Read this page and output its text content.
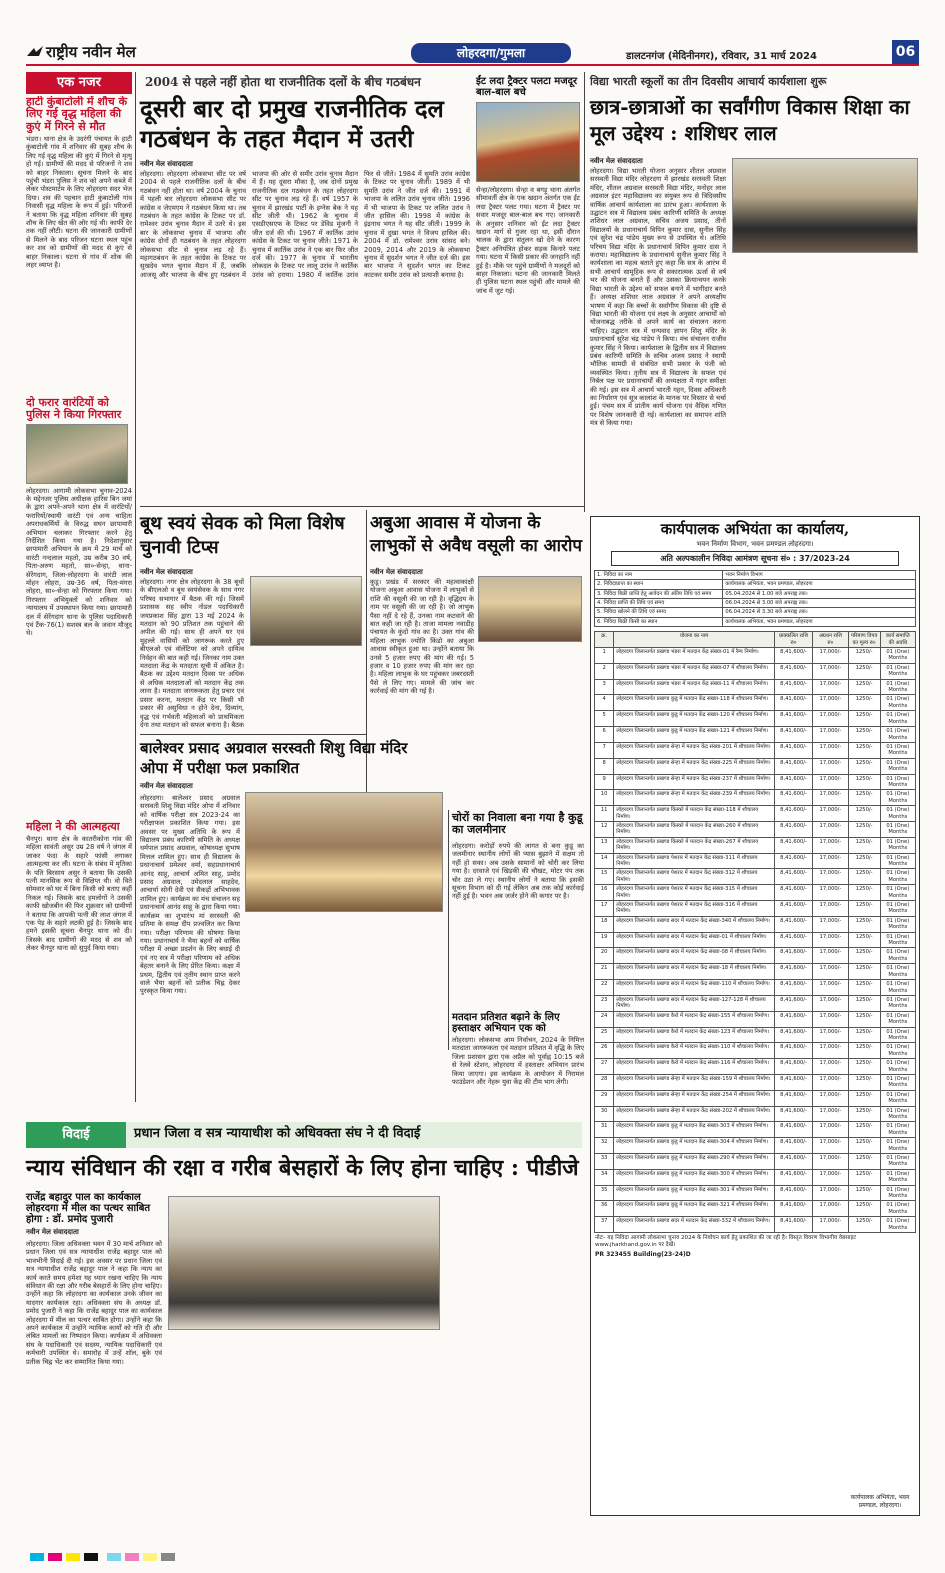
राष्ट्रीय नवीन मेल	लोहरदगा/गुमला	डालटनगंज (मेदिनीनगर), रविवार, 31 मार्च 2024	06
एक नजर
हाटी कुंबाटोली में शौच के लिए गई वृद्ध महिला की कुएं में गिरने से मौत
भंडरा। थाना क्षेत्र के उदरंगी पंचायत के हाटी कुंबाटोली गांव में शनिवार की सुबह शौच के लिए गई वृद्ध महिला की कुएं में गिरने से मृत्यु हो गई। ग्रामीणों की मदद से परिजनों ने शव को बाहर निकाला। सूचना मिलने के बाद पहुंची भंडरा पुलिस ने शव को अपने कब्जे में लेकर पोस्टमार्टम के लिए लोहरदगा सदर भेज दिया। शव की पहचान हाटी कुंबाटोली गांव निवासी वृद्ध महिला के रूप में हुई। परिजनों ने बताया कि वृद्ध महिला शनिवार की सुबह शौच के लिए खेत की ओर गई थी। काफी देर तक नहीं लौटी। घटना की जानकारी ग्रामीणों से मिलने के बाद परिजन घटना स्थल पहुंच कर शव को ग्रामीणों की मदद से कुएं से बाहर निकाला। घटना से गांव में शोक की लहर व्याप्त है।
दो फरार वारंटियों को पुलिस ने किया गिरफ्तार
लोहरदगा। आगामी लोकसभा चुनाव-2024 के मद्देनजर पुलिस अधीक्षक हारिस बिन जमां के द्वारा अपने-अपने थाना क्षेत्र में वारंटियों/फरारियों/स्थायी वारंटी एवं अन्य चाहिता अपराधकर्मियों के विरुद्ध सघन छापामारी अभियान चलाकर गिरफ्तार करने हेतु निर्देशित किया गया है। निदेशानुसार छापामारी अभियान के क्रम में 29 मार्च को वारंटी नन्दलाल महतो, उम्र करीब 30 वर्ष, पिता-अरुण महतो, सा०-सेन्हा, थाना-सेरेंगदाग, जिला-लोहरदगा के वारंटी लाल मोहन लोहरा, उम्र-36 वर्ष, पिता-मंगरा लोहरा, सा०-सेन्हा को गिरफ्तार किया गया। गिरफ्तार अभियुक्तों को शनिवार को न्यायालय में उपस्थापन किया गया। छापामारी दल में सेरेंगदाग थाना के पुलिस पदाधिकारी एवं टैंक-76(1) सशस्त्र बल के जवान मौजूद थे।
महिला ने की आत्महत्या
चैनपुर। थाना क्षेत्र के कातरीकोना गांव की महिला सावंती असुर उम्र 28 वर्ष ने जंगल में जाकर फंदा के सहारे फांसी लगाकर आत्महत्या कर ली। घटना के संबंध में मृतिका के पति बिरसाय असुर ने बताया कि उसकी पत्नी मानसिक रूप से विक्षिप्त थी। वो विते सोमवार को घर में बिना किसी को बताए कहीं निकल गई। जिसके बाद हमलोगों ने उसकी काफी खोजबीन की फिर शुक्रवार को ग्रामीणों ने बताया कि आपकी पत्नी की लाश जंगल में एक पेड़ के सहारे लटकी हुई है। जिसके बाद हमने इसकी सूचना चैनपुर थाना को दी। जिसके बाद ग्रामीणों की मदद से शव को लेकर चैनपुर थाना को सुपुर्द किया गया।
2004 से पहले नहीं होता था राजनीतिक दलों के बीच गठबंधन
दूसरी बार दो प्रमुख राजनीतिक दल गठबंधन के तहत मैदान में उतरी
नवीन मेल संवाददाता
लोहरदगा। लोहरदगा लोकसभा सीट पर वर्ष 2004 से पहले राजनीतिक दलों के बीच गठबंधन नहीं होता था। वर्ष 2004 के चुनाव में पहली बार लोहरदगा लोकसभा सीट पर कांग्रेस व जेएमएम ने गठबंधन किया था। तब गठबंधन के तहत कांग्रेस के टिकट पर डॉ. रामेश्वर उरांव चुनाव मैदान में उतरे थे। इस बार के लोकसभा चुनाव में भाजपा और कांग्रेस दोनों ही गठबंधन के तहत लोहरदगा लोकसभा सीट से चुनाव लड़ रहे हैं। महागठबंधन के तहत कांग्रेस के टिकट पर सुखदेव भगत चुनाव मैदान में हैं, जबकि आजसू और भाजपा के बीच हुए गठबंधन में भाजपा की ओर से समीर उरांव चुनाव मैदान में हैं। यह दूसरा मौका है, जब दोनों प्रमुख राजनीतिक दल गठबंधन के तहत लोहरदगा सीट पर चुनाव लड़ रहे हैं। वर्ष 1957 के चुनाव में झारखंड पार्टी के इग्नेस बेक ने यह सीट जीती थी। 1962 के चुनाव में एसडीएसएफ के टिकट पर डेविड मुंजनी ने जीत दर्ज की थी। 1967 में कार्तिक उरांव कांग्रेस के टिकट पर चुनाव जीते। 1971 के चुनाव में कार्तिक उरांव ने एक बार फिर जीत दर्ज की। 1977 के चुनाव में भारतीय लोकदल के टिकट पर लालू उरांव ने कार्तिक उरांव को हराया। 1980 में कार्तिक उरांव फिर से जीते। 1984 में सुमति उरांव कांग्रेस के टिकट पर चुनाव जीतीं। 1989 में भी सुमति उरांव ने जीत दर्ज की। 1991 में भाजपा के ललित उरांव चुनाव जीते। 1996 में भी भाजपा के टिकट पर ललित उरांव ने जीत हासिल की। 1998 में कांग्रेस के इंद्रनाथ भगत ने यह सीट जीती। 1999 के चुनाव में दुखा भगत ने विजय हासिल की। 2004 में डॉ. रामेश्वर उरांव सांसद बने। 2009, 2014 और 2019 के लोकसभा चुनाव में सुदर्शन भगत ने जीत दर्ज की। इस बार भाजपा ने सुदर्शन भगत का टिकट काटकर समीर उरांव को प्रत्याशी बनाया है।
ईंट लदा ट्रैक्टर पलटा मजदूर बाल-बाल बचे
सेन्हा/लोहरदगा। सेन्हा व बगड़ू थाना अंतर्गत सीमावर्ती क्षेत्र के एक खदान अंतर्गत एक ईंट लदा ट्रैक्टर पलट गया। घटना में ट्रैक्टर पर सवार मजदूर बाल-बाल बच गए। जानकारी के अनुसार शनिवार को ईंट लदा ट्रैक्टर खदान मार्ग से गुजर रहा था, इसी दौरान चालक के द्वारा संतुलन खो देने के कारण ट्रैक्टर अनियंत्रित होकर सड़क किनारे पलट गया। घटना में किसी प्रकार की जनहानि नहीं हुई है। मौके पर पहुंचे ग्रामीणों ने मजदूरों को बाहर निकाला। घटना की जानकारी मिलते ही पुलिस घटना स्थल पहुंची और मामले की जांच में जुट गई।
विद्या भारती स्कूलों का तीन दिवसीय आचार्य कार्यशाला शुरू
छात्र-छात्राओं का सर्वांगीण विकास शिक्षा का मूल उद्देश्य : शशिधर लाल
नवीन मेल संवाददाता
लोहरदगा। विद्या भारती योजना अनुसार शीतल अग्रवाल सरस्वती विद्या मंदिर लोहरदगा में झारखंड सरस्वती शिक्षा मंदिर, शीतल अग्रवाल सरस्वती विद्या मंदिर, मनोहर लाल अग्रवाल इंटर महाविद्यालय का संयुक्त रूप से त्रिदिवसीय वार्षिक आचार्य कार्यशाला का प्रारंभ हुआ। कार्यशाला के उद्घाटन सत्र में विद्यालय प्रबंध कारिणी समिति के अध्यक्ष शशिधर लाल अग्रवाल, सचिव अजय प्रसाद, तीनों विद्यालयों के प्रधानाचार्य विपिन कुमार दास, सुनील सिंह एवं सुरेश चंद्र पांडेय मुख्य रूप से उपस्थित थे। अतिथि परिचय विद्या मंदिर के प्रधानाचार्य विपिन कुमार दास ने कराया। महाविद्यालय के प्रधानाचार्य सुनील कुमार सिंह ने कार्यशाला का महत्व बताते हुए कहा कि सत्र के आरंभ में सभी आचार्य सामूहिक रूप से सकारात्मक ऊर्जा से वर्ष भर की योजना बनाते हैं और उसका क्रियान्वयन करके विद्या भारती के उद्देश्य को सफल बनाने में भागीदार बनते हैं। अध्यक्ष शशिधर लाल अग्रवाल ने अपने अध्यक्षीय भाषण में कहा कि बच्चों के सर्वांगीण विकास की दृष्टि से विद्या भारती की योजना एवं लक्ष्य के अनुसार आचार्यों को योजनाबद्ध तरीके से अपने कार्य का संचालन करना चाहिए। उद्घाटन सत्र में धन्यवाद ज्ञापन शिशु मंदिर के प्रधानाचार्य सुरेश चंद्र पांडेय ने किया। मंच संचालन राजीव कुमार सिंह ने किया। कार्यशाला के द्वितीय सत्र में विद्यालय प्रबंध कारिणी समिति के सचिव अजय प्रसाद ने स्थायी भौतिक सामग्री से संबंधित सभी प्रकार के पंजी को व्यवस्थित किया। तृतीय सत्र में विद्यालय के सफल एवं निर्बल पक्ष पर प्रधानाचार्यों की अध्यक्षता में गहन समीक्षा की गई। इस सत्र में आचार्य भारती गहन, दिवस अधिकारी का निर्धारण एवं सूत्र कालांश के मानक पर विस्तार से चर्चा हुई। पंचम सत्र में प्रांतीय कार्य योजना एवं वैदिक गणित पर विशेष जानकारी दी गई। कार्यशाला का समापन शांति मंत्र से किया गया।
कार्यपालक अभियंता का कार्यालय,
भवन निर्माण विभाग, भवन प्रमण्डल लोहरदगा।
अति अल्पकालीन निविदा आमंत्रण सूचना सं० : 37/2023-24
1. निविदा का नाम	भवन निर्माण विभाग
2. निविदाप्राप्त का स्थान	कार्यपालक अभियंता, भवन प्रमण्डल, लोहरदगा
3. निविदा बिक्री प्राप्ति हेतु आवेदन की अंतिम तिथि एवं समय	05.04.2024 से 1.00 बजे अपराह्न तक।
4. निविदा प्राप्ति की तिथि एवं समय	06.04.2024 से 3.00 बजे अपराह्न तक।
5. निविदा खोलने की तिथि एवं समय	06.04.2024 से 3.30 बजे अपराह्न तक।
6. निविदा बिक्री किसी का स्थान	कार्यपालक अभियंता, भवन प्रमण्डल, लोहरदगा
क्र.	योजना का नाम	प्राक्कलित राशि रु०	अग्रधन राशि रु०	परिमाण विपत्र का मूल्य रु०	कार्य समाप्ति की अवधि
1	लोहरदगा जिलान्तर्गत प्रखण्ड भंडरा में मतदान केंद्र संख्या-01 में रैम्प निर्माण।	8,41,600/-	17,000/-	1250/-	01 (One) Months
2	लोहरदगा जिलान्तर्गत प्रखण्ड भंडरा में मतदान केंद्र संख्या-07 में शौचालय निर्माण।	8,41,600/-	17,000/-	1250/-	01 (One) Months
3	लोहरदगा जिलान्तर्गत प्रखण्ड भंडरा में मतदान केंद्र संख्या-11 में शौचालय निर्माण।	8,41,600/-	17,000/-	1250/-	01 (One) Months
4	लोहरदगा जिलान्तर्गत प्रखण्ड कुडू में मतदान केंद्र संख्या-118 में शौचालय निर्माण।	8,41,600/-	17,000/-	1250/-	01 (One) Months
5	लोहरदगा जिलान्तर्गत प्रखण्ड कुडू में मतदान केंद्र संख्या-120 में शौचालय निर्माण।	8,41,600/-	17,000/-	1250/-	01 (One) Months
6	लोहरदगा जिलान्तर्गत प्रखण्ड कुडू में मतदान केंद्र संख्या-121 में शौचालय निर्माण।	8,41,600/-	17,000/-	1250/-	01 (One) Months
7	लोहरदगा जिलान्तर्गत प्रखण्ड सेन्हा में मतदान केंद्र संख्या-201 में शौचालय निर्माण।	8,41,600/-	17,000/-	1250/-	01 (One) Months
8	लोहरदगा जिलान्तर्गत प्रखण्ड सेन्हा में मतदान केंद्र संख्या-225 में शौचालय निर्माण।	8,41,600/-	17,000/-	1250/-	01 (One) Months
9	लोहरदगा जिलान्तर्गत प्रखण्ड सेन्हा में मतदान केंद्र संख्या-237 में शौचालय निर्माण।	8,41,600/-	17,000/-	1250/-	01 (One) Months
10	लोहरदगा जिलान्तर्गत प्रखण्ड सेन्हा में मतदान केंद्र संख्या-239 में शौचालय निर्माण।	8,41,600/-	17,000/-	1250/-	01 (One) Months
11	लोहरदगा जिलान्तर्गत प्रखण्ड किस्को में मतदान केंद्र संख्या-118 में शौचालय निर्माण।	8,41,600/-	17,000/-	1250/-	01 (One) Months
12	लोहरदगा जिलान्तर्गत प्रखण्ड किस्को में मतदान केंद्र संख्या-260 में शौचालय निर्माण।	8,41,600/-	17,000/-	1250/-	01 (One) Months
13	लोहरदगा जिलान्तर्गत प्रखण्ड किस्को में मतदान केंद्र संख्या-267 में शौचालय निर्माण।	8,41,600/-	17,000/-	1250/-	01 (One) Months
14	लोहरदगा जिलान्तर्गत प्रखण्ड पेशरार में मतदान केंद्र संख्या-311 में शौचालय निर्माण।	8,41,600/-	17,000/-	1250/-	01 (One) Months
15	लोहरदगा जिलान्तर्गत प्रखण्ड पेशरार में मतदान केंद्र संख्या-312 में शौचालय निर्माण।	8,41,600/-	17,000/-	1250/-	01 (One) Months
16	लोहरदगा जिलान्तर्गत प्रखण्ड पेशरार में मतदान केंद्र संख्या-315 में शौचालय निर्माण।	8,41,600/-	17,000/-	1250/-	01 (One) Months
17	लोहरदगा जिलान्तर्गत प्रखण्ड पेशरार में मतदान केंद्र संख्या-316 में शौचालय निर्माण।	8,41,600/-	17,000/-	1250/-	01 (One) Months
18	लोहरदगा जिलान्तर्गत प्रखण्ड सदर में मतदान केंद्र संख्या-340 में शौचालय निर्माण।	8,41,600/-	17,000/-	1250/-	01 (One) Months
19	लोहरदगा जिलान्तर्गत प्रखण्ड सदर में मतदान केंद्र संख्या-01 में शौचालय निर्माण।	8,41,600/-	17,000/-	1250/-	01 (One) Months
20	लोहरदगा जिलान्तर्गत प्रखण्ड सदर में मतदान केंद्र संख्या-08 में शौचालय निर्माण।	8,41,600/-	17,000/-	1250/-	01 (One) Months
21	लोहरदगा जिलान्तर्गत प्रखण्ड सदर में मतदान केंद्र संख्या-18 में शौचालय निर्माण।	8,41,600/-	17,000/-	1250/-	01 (One) Months
22	लोहरदगा जिलान्तर्गत प्रखण्ड सदर में मतदान केंद्र संख्या-110 में शौचालय निर्माण।	8,41,600/-	17,000/-	1250/-	01 (One) Months
23	लोहरदगा जिलान्तर्गत प्रखण्ड सदर में मतदान केंद्र संख्या-127-128 में शौचालय निर्माण।	8,41,600/-	17,000/-	1250/-	01 (One) Months
24	लोहरदगा जिलान्तर्गत प्रखण्ड कैरो में मतदान केंद्र संख्या-155 में शौचालय निर्माण।	8,41,600/-	17,000/-	1250/-	01 (One) Months
25	लोहरदगा जिलान्तर्गत प्रखण्ड कैरो में मतदान केंद्र संख्या-123 में शौचालय निर्माण।	8,41,600/-	17,000/-	1250/-	01 (One) Months
26	लोहरदगा जिलान्तर्गत प्रखण्ड कैरो में मतदान केंद्र संख्या-110 में शौचालय निर्माण।	8,41,600/-	17,000/-	1250/-	01 (One) Months
27	लोहरदगा जिलान्तर्गत प्रखण्ड कैरो में मतदान केंद्र संख्या-116 में शौचालय निर्माण।	8,41,600/-	17,000/-	1250/-	01 (One) Months
28	लोहरदगा जिलान्तर्गत प्रखण्ड सेन्हा में मतदान केंद्र संख्या-159 में शौचालय निर्माण।	8,41,600/-	17,000/-	1250/-	01 (One) Months
29	लोहरदगा जिलान्तर्गत प्रखण्ड सेन्हा में मतदान केंद्र संख्या-254 में शौचालय निर्माण।	8,41,600/-	17,000/-	1250/-	01 (One) Months
30	लोहरदगा जिलान्तर्गत प्रखण्ड सेन्हा में मतदान केंद्र संख्या-202 में शौचालय निर्माण।	8,41,600/-	17,000/-	1250/-	01 (One) Months
31	लोहरदगा जिलान्तर्गत प्रखण्ड कुडू में मतदान केंद्र संख्या-303 में शौचालय निर्माण।	8,41,600/-	17,000/-	1250/-	01 (One) Months
32	लोहरदगा जिलान्तर्गत प्रखण्ड कुडू में मतदान केंद्र संख्या-304 में शौचालय निर्माण।	8,41,600/-	17,000/-	1250/-	01 (One) Months
33	लोहरदगा जिलान्तर्गत प्रखण्ड कुडू में मतदान केंद्र संख्या-290 में शौचालय निर्माण।	8,41,600/-	17,000/-	1250/-	01 (One) Months
34	लोहरदगा जिलान्तर्गत प्रखण्ड कुडू में मतदान केंद्र संख्या-300 में शौचालय निर्माण।	8,41,600/-	17,000/-	1250/-	01 (One) Months
35	लोहरदगा जिलान्तर्गत प्रखण्ड कुडू में मतदान केंद्र संख्या-301 में शौचालय निर्माण।	8,41,600/-	17,000/-	1250/-	01 (One) Months
36	लोहरदगा जिलान्तर्गत प्रखण्ड कुडू में मतदान केंद्र संख्या-321 में शौचालय निर्माण।	8,41,600/-	17,000/-	1250/-	01 (One) Months
37	लोहरदगा जिलान्तर्गत प्रखण्ड सदर में मतदान केंद्र संख्या-332 में शौचालय निर्माण।	8,41,600/-	17,000/-	1250/-	01 (One) Months
नोटः- यह निविदा आगामी लोकसभा चुनाव 2024 के निर्वाचन कार्य हेतु प्रकाशित की जा रही है। विस्तृत विवरण विभागीय वेबसाइट www.jharkhand.gov.in पर देखें।
PR 323455 Building(23-24)D
कार्यपालक अभियंता, भवन प्रमण्डल, लोहरदगा।
बूथ स्वयं सेवक को मिला विशेष चुनावी टिप्स
नवीन मेल संवाददाता
लोहरदगा। नगर क्षेत्र लोहरदगा के 38 बूथों के बीएलओ व बूथ स्वयंसेवक के साथ नगर परिषद सभागार में बैठक की गई। जिसमें प्रशासक सह स्वीप नोडल पदाधिकारी जयप्रकाश सिंह द्वारा 13 मई 2024 के मतदान को 90 प्रतिशत तक पहुंचाने की अपील की गई। साथ ही अपने घर एवं मुहल्ले वासियों को जागरूक करते हुए बीएलओ एवं वॉलेंटियर को अपने दायित्व निर्वहन की बात कही गई। जिनका नाम उक्त मतदाता केंद्र के मतदाता सूची में अंकित है। बैठक का उद्देश्य मतदान दिवस पर अधिक से अधिक मतदाताओं को मतदान केंद्र तक लाना है। मतदाता जागरूकता हेतु प्रचार एवं प्रसार करना, मतदान केंद्र पर किसी भी प्रकार की असुविधा न होने देना, दिव्यांग, वृद्ध एवं गर्भवती महिलाओं को प्राथमिकता देना तथा मतदान को सफल बनाना है। बैठक
अबुआ आवास में योजना के लाभुकों से अवैध वसूली का आरोप
नवीन मेल संवाददाता
कुडू। प्रखंड में सरकार की महत्वाकांक्षी योजना अबुआ आवास योजना में लाभुकों से राशि की वसूली की जा रही है। वृद्धिदय के नाम पर वसूली की जा रही है। जो लाभुक पैसा नहीं दे रहे हैं, उनका नाम कटवाने की बात कही जा रही है। ताजा मामला नवाडीह पंचायत के कुंदो गांव का है। उक्त गांव की महिला लाभुक ज्योति किंडो का अबुआ आवास स्वीकृत हुआ था। उन्होंने बताया कि उनसे 5 हजार रुपए की मांग की गई। 5 हजार व 10 हजार रुपए की मांग कर रहा है। महिला लाभुक के घर पहुंचकर जबरदस्ती पैसे ले लिए गए। मामले की जांच कर कार्रवाई की मांग की गई है।
बालेश्वर प्रसाद अग्रवाल सरस्वती शिशु विद्या मंदिर ओपा में परीक्षा फल प्रकाशित
नवीन मेल संवाददाता
लोहरदगा। बालेश्वर प्रसाद अग्रवाल सरस्वती शिशु विद्या मंदिर ओपा में शनिवार को वार्षिक परीक्षा सत्र 2023-24 का परीक्षाफल प्रकाशित किया गया। इस अवसर पर मुख्य अतिथि के रूप में विद्यालय प्रबंध कारिणी समिति के अध्यक्ष धर्मपाल प्रसाद अग्रवाल, कोषाध्यक्ष सुभाष मित्तल शामिल हुए। साथ ही विद्यालय के प्रधानाचार्य प्रमेश्वर वर्मा, सहप्रधानाचार्य आनंद साहू, आचार्य अमित साहू, प्रमोद प्रसाद अग्रवाल, उमेदलाल साहदेव, आचार्या सोनी देवी एवं सैकड़ों अभिभावक शामिल हुए। कार्यक्रम का मंच संचालन सह प्रधानाचार्य आनंद साहू के द्वारा किया गया। कार्यक्रम का शुभारंभ मां सरस्वती की प्रतिमा के समक्ष दीप प्रज्वलित कर किया गया। परीक्षा परिणाम की घोषणा किया गया। प्रधानाचार्य ने भैया बहनों को वार्षिक परीक्षा में अच्छा प्रदर्शन के लिए बधाई दी एवं नए सत्र में परीक्षा परिणाम को अधिक बेहतर बनाने के लिए प्रेरित किया। कक्षा में प्रथम, द्वितीय एवं तृतीय स्थान प्राप्त करने वाले भैया बहनों को प्रतीक चिह्न देकर पुरस्कृत किया गया।
चोरों का निवाला बना गया है कुडू का जलमीनार
लोहरदगा। करोड़ों रुपये की लागत से बना कुडू का जलमीनार स्थानीय लोगों की प्यास बुझाने में सक्षम तो नहीं हो सका। अब उसके सामानों को चोरी कर लिया गया है। दरवाजे एवं खिड़की की चौखट, मोटर पंप तक चोर उठा ले गए। स्थानीय लोगों ने बताया कि इसकी सूचना विभाग को दी गई लेकिन अब तक कोई कार्रवाई नहीं हुई है। भवन अब जर्जर होने की कगार पर है।
मतदान प्रतिशत बढ़ाने के लिए हस्ताक्षर अभियान एक को
लोहरदगा। लोकसभा आम निर्वाचन, 2024 के निमित्त मतदाता जागरूकता एवं मतदान प्रतिशत में वृद्धि के लिए जिला प्रशासन द्वारा एक अप्रैल को पूर्वाह्न 10:15 बजे से रेलवे स्टेशन, लोहरदगा में हस्ताक्षर अभियान प्रारंभ किया जाएगा। इस कार्यक्रम के आयोजन में निरामल फाउंडेशन और नेहरू युवा केंद्र की टीम भाग लेगी।
विदाई	प्रधान जिला व सत्र न्यायाधीश को अधिवक्ता संघ ने दी विदाई
न्याय संविधान की रक्षा व गरीब बेसहारों के लिए होना चाहिए : पीडीजे
राजेंद्र बहादुर पाल का कार्यकाल लोहरदगा में मील का पत्थर साबित होगा : डॉ. प्रमोद पुजारी
नवीन मेल संवाददाता
लोहरदगा। जिला अधिवक्ता भवन में 30 मार्च शनिवार को प्रधान जिला एवं सत्र न्यायाधीश राजेंद्र बहादुर पाल को भावभीनी विदाई दी गई। इस अवसर पर प्रधान जिला एवं सत्र न्यायाधीश राजेंद्र बहादुर पाल ने कहा कि न्याय का कार्य करते समय हमेशा यह ध्यान रखना चाहिए कि न्याय संविधान की रक्षा और गरीब बेसहारों के लिए होना चाहिए। उन्होंने कहा कि लोहरदगा का कार्यकाल उनके जीवन का यादगार कार्यकाल रहा। अधिवक्ता संघ के अध्यक्ष डॉ. प्रमोद पुजारी ने कहा कि राजेंद्र बहादुर पाल का कार्यकाल लोहरदगा में मील का पत्थर साबित होगा। उन्होंने कहा कि अपने कार्यकाल में उन्होंने न्यायिक कार्यों को गति दी और लंबित मामलों का निष्पादन किया। कार्यक्रम में अधिवक्ता संघ के पदाधिकारी एवं सदस्य, न्यायिक पदाधिकारी एवं कर्मचारी उपस्थित थे। समारोह में उन्हें शॉल, बुके एवं प्रतीक चिह्न भेंट कर सम्मानित किया गया।
